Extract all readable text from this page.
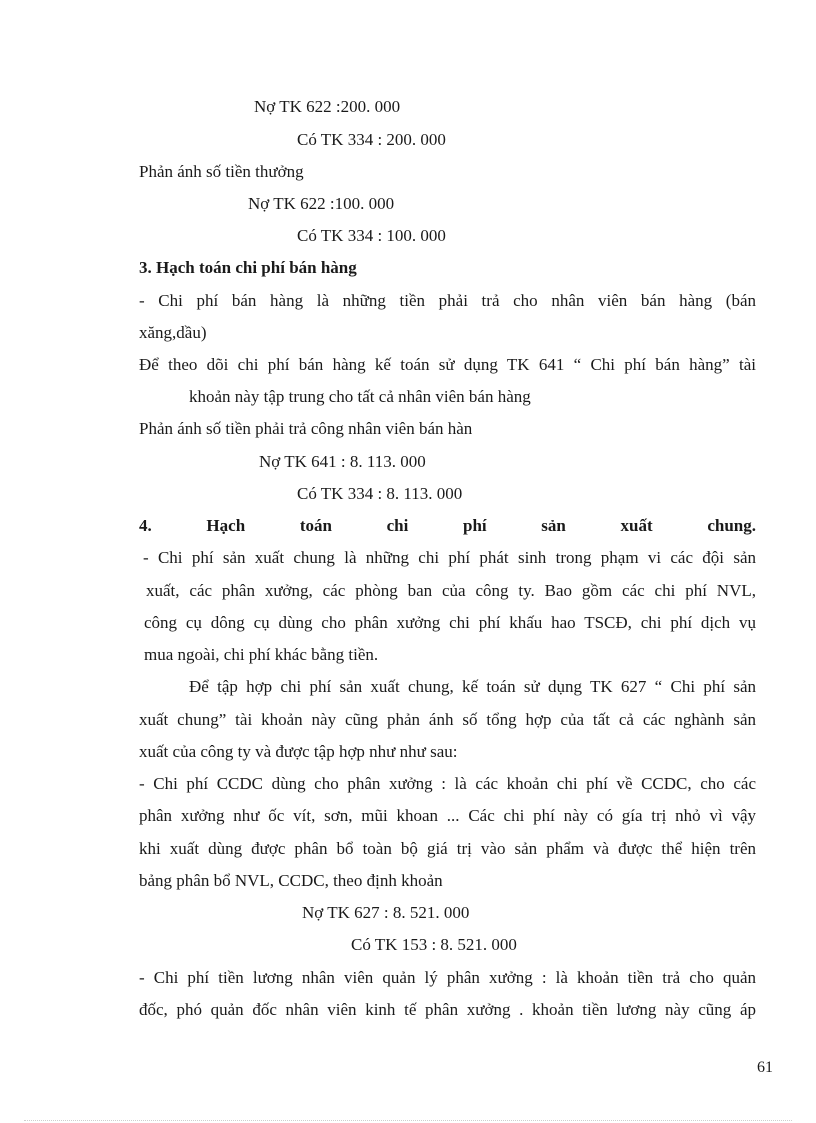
Nợ TK 622 :200. 000
Có TK 334 : 200. 000
Phản ánh số tiền thưởng
Nợ TK 622 :100. 000
Có TK 334 : 100. 000
3. Hạch toán chi phí bán hàng
- Chi phí bán hàng là những tiền phải trả cho nhân viên bán hàng (bán
xăng,dầu)
Để theo dõi chi phí bán hàng kế toán sử dụng TK 641 “ Chi phí bán hàng” tài
khoản này tập trung cho tất cả nhân viên bán hàng
Phản ánh số tiền phải trả công nhân viên bán hàn
Nợ TK 641 : 8. 113. 000
Có TK 334 : 8. 113. 000
4. Hạch toán chi phí sản xuất chung.
- Chi phí sản xuất chung là những chi phí phát sinh trong phạm vi các đội sản
xuất, các phân xưởng, các phòng ban của công ty. Bao gồm các chi phí NVL,
công cụ dông cụ dùng cho phân xưởng chi phí khấu hao TSCĐ, chi phí dịch vụ
mua ngoài, chi phí khác bằng tiền.
Để tập hợp chi phí sản xuất chung, kế toán sử dụng TK 627 “ Chi phí sản
xuất chung” tài khoản này cũng phản ánh số tổng hợp của tất cả các nghành sản
xuất của công ty và được tập hợp như như sau:
- Chi phí CCDC dùng cho phân xưởng : là các khoản chi phí về CCDC, cho các
phân xưởng như ốc vít, sơn, mũi khoan ... Các chi phí này có gía trị nhỏ vì vậy
khi xuất dùng được phân bổ toàn bộ giá trị vào sản phẩm và được thể hiện trên
bảng phân bổ NVL, CCDC, theo định khoản
Nợ TK 627 : 8. 521. 000
Có TK 153 : 8. 521. 000
- Chi phí tiền lương nhân viên quản lý phân xưởng : là khoản tiền trả cho quản
đốc, phó quản đốc nhân viên kinh tế phân xưởng . khoản tiền lương này cũng áp
61
